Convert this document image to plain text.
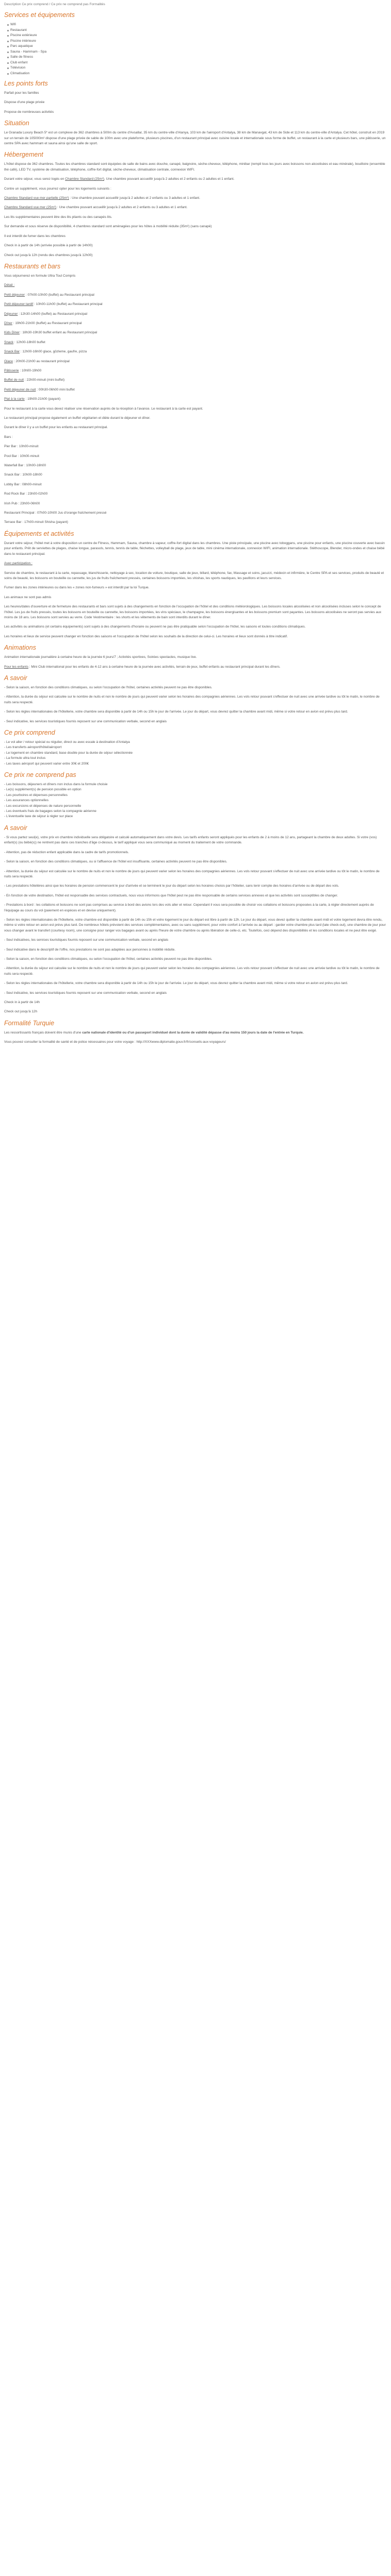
Description Ce prix comprend / Ce prix ne comprend pas Formalités
Services et équipements
Wifi
Restaurant
Piscine extérieure
Piscine intérieure
Parc aquatique
Sauna - Hammam - Spa
Salle de fitness
Club enfant
Télévision
Climatisation
Les points forts

Parfait pour les familles

Dispose d'une plage privée

Propose de nombreuses activités

Situation

Le Granada Luxury Beach 5* est un complexe de 362 chambres à 500m du centre d'Avsallar, 35 km du centre-ville d'Alanya, 103 km de l'aéroport d'Antalya, 38 km de Manavgat, 43 km de Side et 113 km du centre-ville d'Antalya. Cet hôtel, construit en 2019 sur un terrain de 105000m² dispose d'une plage privée de sable de 100m avec une plateforme, plusieurs piscines, d'un restaurant principal avec cuisine locale et internationale sous forme de buffet, un restaurant à la carte et plusieurs bars, une pâtisserie, un centre SPA avec hammam et sauna ainsi qu'une salle de sport.

Hébergement

L'hôtel dispose de 362 chambres. Toutes les chambres standard sont équipées de salle de bains avec douche, canapé, baignoire, sèche-cheveux, téléphone, minibar (rempli tous les jours avec boissons non alcoolisées et eau minérale), bouilloire (ensemble thé café), LED TV, système de climatisation, téléphone, coffre-fort digital, sèche-cheveux, climatisation centrale, connexion WIFI.

Durant votre séjour, vous serez logés en Chambre Standard (25m²). Une chambre pouvant accueillir jusqu'à 2 adultes et 2 enfants ou 2 adultes et 1 enfant.

Contre un supplément, vous pourrez opter pour les logements suivants :

Chambre Standard vue mer partielle (25m²) : Une chambre pouvant accueillir jusqu'à 2 adultes et 2 enfants ou 3 adultes et 1 enfant.

Chambre Standard vue mer (25m²) : Une chambre pouvant accueillir jusqu'à 2 adultes et 2 enfants ou 3 adultes et 1 enfant.

Les lits supplémentaires peuvent être des lits pliants ou des canapés lits.

Sur demande et sous réserve de disponibilité, 4 chambres standard sont aménagées pour les hôtes à mobilité réduite (35m²) (sans canapé)

Il est interdit de fumer dans les chambres

Check in à partir de 14h (arrivée possible à partir de 14h00)

Check out jusqu'à 12h (rendu des chambres jusqu'à 12h00)

Restaurants et bars

Vous séjournerez en formule Ultra Tout Compris

Détail :

Petit déjeuner : 07h00-10h00 (buffet) au Restaurant principal

Petit déjeuner tardif : 10h00-11h00 (buffet) au Restaurant principal

Déjeuner : 12h30-14h00 (buffet) au Restaurant principal

Dîner : 19h00-21h00 (buffet) au Restaurant principal

Kids Diner : 18h30-19h30 buffet enfant au Restaurant principal

Snack : 12h00-18h00 buffet

Snack Bar : 12h00-16h00 glace, gözleme, gaufre, pizza

Glace : 20h00-21h00 au restaurant principal

Pâtisserie : 10h00-19h00

Buffet de nuit : 22h00-minuit (mini buffet)

Petit déjeuner de nuit : 00h30-06h00 mini buffet

Plat à la carte : 19h00-21h00 (payant)

Pour le restaurant à la carte vous devez réaliser une réservation auprès de la réception à l'avance. Le restaurant à la carte est payant.

Le restaurant principal propose également un buffet végétarien et diète durant le déjeuner et dîner.

Durant le dîner il y a un buffet pour les enfants au restaurant principal.

Bars :

Pier Bar : 10h00-minuit

Pool Bar : 10h00-minuit

Waterfall Bar : 10h00-16h00

Snack Bar : 10h00-18h00

Lobby Bar : 08h00-minuit

Rod Rock Bar : 23h00-02h00

Irish Pub : 23h00-06h00

Restaurant Principal : 07h00-10h00 Jus d'orange fraîchement pressé

Terrace Bar : 17h00-minuit Shisha (payant)

Équipements et activités

Durant votre séjour, l'hôtel met à votre disposition un centre de Fitness, Hammam, Sauna, chambre à vapeur, coffre-fort digital dans les chambres. Une piste principale, une piscine avec toboggans, une piscine pour enfants, une piscine couverte avec bassin pour enfants. Prêt de serviettes de plages, chaise longue, parasols, tennis, tennis de table, fléchettes, volleyball de plage, jeux de table, mini cinéma internationale, connexion WIFI, animation internationale. Stéthoscope, Blender, micro-ondes et chaise bébé dans le restaurant principal.

Avec participation :

Service de chambre, le restaurant à la carte, repassage, blanchisserie, nettoyage à sec, location de voiture, boutique, salle de jeux, billard, téléphone, fax, Massage et soins, jacuzzi, médecin et infirmière, le Centre SPA et ses services, produits de beauté et soins de beauté, les boissons en bouteille ou cannette, les jus de fruits fraîchement pressés, certaines boissons importées, les shishas, les sports nautiques, les pavillons et leurs services.

Fumer dans les zones intérieures ou dans les « zones non-fumeurs » est interdit par la loi Turque.

Les animaux ne sont pas admis

Les heures/dates d'ouverture et de fermeture des restaurants et bars sont sujets à des changements en fonction de l'occupation de l'hôtel et des conditions météorologiques. Les boissons locales alcoolisées et non alcoolisées incluses selon le concept de l'hôtel. Les jus de fruits pressés, toutes les boissons en bouteille ou cannette, les boissons importées, les vins spéciaux, le champagne, les boissons énergisantes et les boissons premium sont payantes. Les boissons alcoolisées ne seront pas servies aux moins de 18 ans. Les boissons sont servies au verre. Code Vestimentaire : les shorts et les vêtements de bain sont interdits durant le dîner.

Les activités ou animations (et certains équipements) sont sujets à des changements d'horaire ou peuvent ne pas être pratiquable selon l'occupation de l'hôtel, les saisons et toutes conditions climatiques.

Les horaires et lieux de service peuvent changer en fonction des saisons et l'occupation de l'hôtel selon les souhaits de la direction de celui-ci. Les horaires et lieux sont donnés à titre indicatif.

Animations

Animation internationale journalière à certaine heure de la journée 6 jours/7 ; Activités sportives, Soirées spectacles, musique live.

Pour les enfants : Mini Club international pour les enfants de 4-12 ans à certaine heure de la journée avec activités, terrain de jeux, buffet enfants au restaurant principal durant les dîners.

A savoir

- Selon la saison, en fonction des conditions climatiques, ou selon l'occupation de l'hôtel, certaines activités peuvent ne pas être disponibles.

- Attention, la durée du séjour est calculée sur le nombre de nuits et non le nombre de jours qui peuvent varier selon les horaires des compagnies aériennes. Les vols retour pouvant s'effectuer de nuit avec une arrivée tardive ou tôt le matin, le nombre de nuits sera respecté.

- Selon les règles internationales de l'hôtellerie, votre chambre sera disponible à partir de 14h ou 15h le jour de l'arrivée. Le jour du départ, vous devrez quitter la chambre avant midi, même si votre retour en avion est prévu plus tard.

- Seul indicative, les services touristiques fournis reposent sur une communication verbale, second en anglais

Ce prix comprend

- Le vol aller / retour spécial ou régulier, direct ou avec escale à destination d'Antalya

- Les transferts aéroport/hôtel/aéroport

- Le logement en chambre standard, base double pour la durée de séjour sélectionnée

- La formule ultra tout inclus

- Les taxes aéroport qui peuvent varier entre 30€ et 200€

Ce prix ne comprend pas

- Les boissons, déjeuners et dîners non inclus dans la formule choisie

- Le(s) supplément(s) de pension possible en option

- Les pourboires et dépenses personnelles

- Les assurances optionnelles

- Les excursions et dépenses de nature personnelle

- Les éventuels frais de bagages selon la compagnie aérienne

- L'éventuelle taxe de séjour à régler sur place

A savoir

- Si vous partez seul(e), votre prix en chambre individuelle sera obligatoire et calculé automatiquement dans votre devis. Les tarifs enfants seront appliqués pour les enfants de 2 à moins de 12 ans, partageant la chambre de deux adultes. Si votre (vos) enfant(s) (ou bébé(s)) ne rentrent pas dans ces tranches d'âge ci-dessus, le tarif appliqué vous sera communiqué au moment du traitement de votre commande.

- Attention, pas de réduction enfant applicable dans la cadre de tarifs promotionnels.

- Selon la saison, en fonction des conditions climatiques, ou si l'affluence de l'hôtel est insuffisante, certaines activités peuvent ne pas être disponibles.

- Attention, la durée du séjour est calculée sur le nombre de nuits et non le nombre de jours qui peuvent varier selon les horaires des compagnies aériennes. Les vols retour pouvant s'effectuer de nuit avec une arrivée tardive ou tôt le matin, le nombre de nuits sera respecté.

- Les prestations hôtelières ainsi que les horaires de pension commencent le jour d'arrivée et se terminent le jour du départ selon les horaires choisis par l'hôtelier, sans tenir compte des horaires d'arrivée ou de départ des vols.

- En fonction de votre destination, l'hôtel est responsable des services contractuels, nous vous informons que l'hôtel peut ne pas être responsable de certains services annexes et que les activités sont susceptibles de changer.

- Prestations à bord : les collations et boissons ne sont pas comprises au service à bord des avions lors des vols aller et retour. Cependant il vous sera possible de choisir vos collations et boissons proposées à la carte, à régler directement auprès de l'équipage au cours du vol (paiement en espèces et en devise uniquement).

- Selon les règles internationales de l'hôtellerie, votre chambre est disponible à partir de 14h ou 15h et votre logement le jour du départ est libre à partir de 12h. Le jour du départ, vous devez quitter la chambre avant midi et votre logement devra être rendu, même si votre retour en avion est prévu plus tard. De nombreux hôtels prévoient des services complémentaires, avec ou sans supplément, pour votre confort à l'arrivée ou au départ : garder votre chambre plus tard (late check-out), une chambre de jour pour vous changer avant le transfert (courtesy room), une consigne pour ranger vos bagages avant ou après l'heure de votre chambre ou après libération de celle-ci, etc. Toutefois, ceci dépend des disponibilités et les conditions locales et ne peut être exigé.

- Seul indicatives, les services touristiques fournis reposent sur une communication verbale, second en anglais

- Seul indicative dans le descriptif de l'offre, nos prestations ne sont pas adaptées aux personnes à mobilité réduite.

- Selon la saison, en fonction des conditions climatiques, ou selon l'occupation de l'hôtel, certaines activités peuvent ne pas être disponibles.

- Attention, la durée du séjour est calculée sur le nombre de nuits et non le nombre de jours qui peuvent varier selon les horaires des compagnies aériennes. Les vols retour pouvant s'effectuer de nuit avec une arrivée tardive ou tôt le matin, le nombre de nuits sera respecté.

- Selon les règles internationales de l'hôtellerie, votre chambre sera disponible à partir de 14h ou 15h le jour de l'arrivée. Le jour du départ, vous devrez quitter la chambre avant midi, même si votre retour en avion est prévu plus tard.

- Seul indicative, les services touristiques fournis reposent sur une communication verbale, second en anglais

Check in à partir de 14h

Check out jusqu'à 12h

Formalité Turquie

Les ressortissants français doivent être munis d'une carte nationale d'identité ou d'un passeport individuel dont la durée de validité dépasse d'au moins 150 jours la date de l'entrée en Turquie.

Vous pouvez consulter la formalité de santé et de police nécessaires pour votre voyage : http://XXXwww.diplomatie.gouv.fr/fr/conseils-aux-voyageurs/
